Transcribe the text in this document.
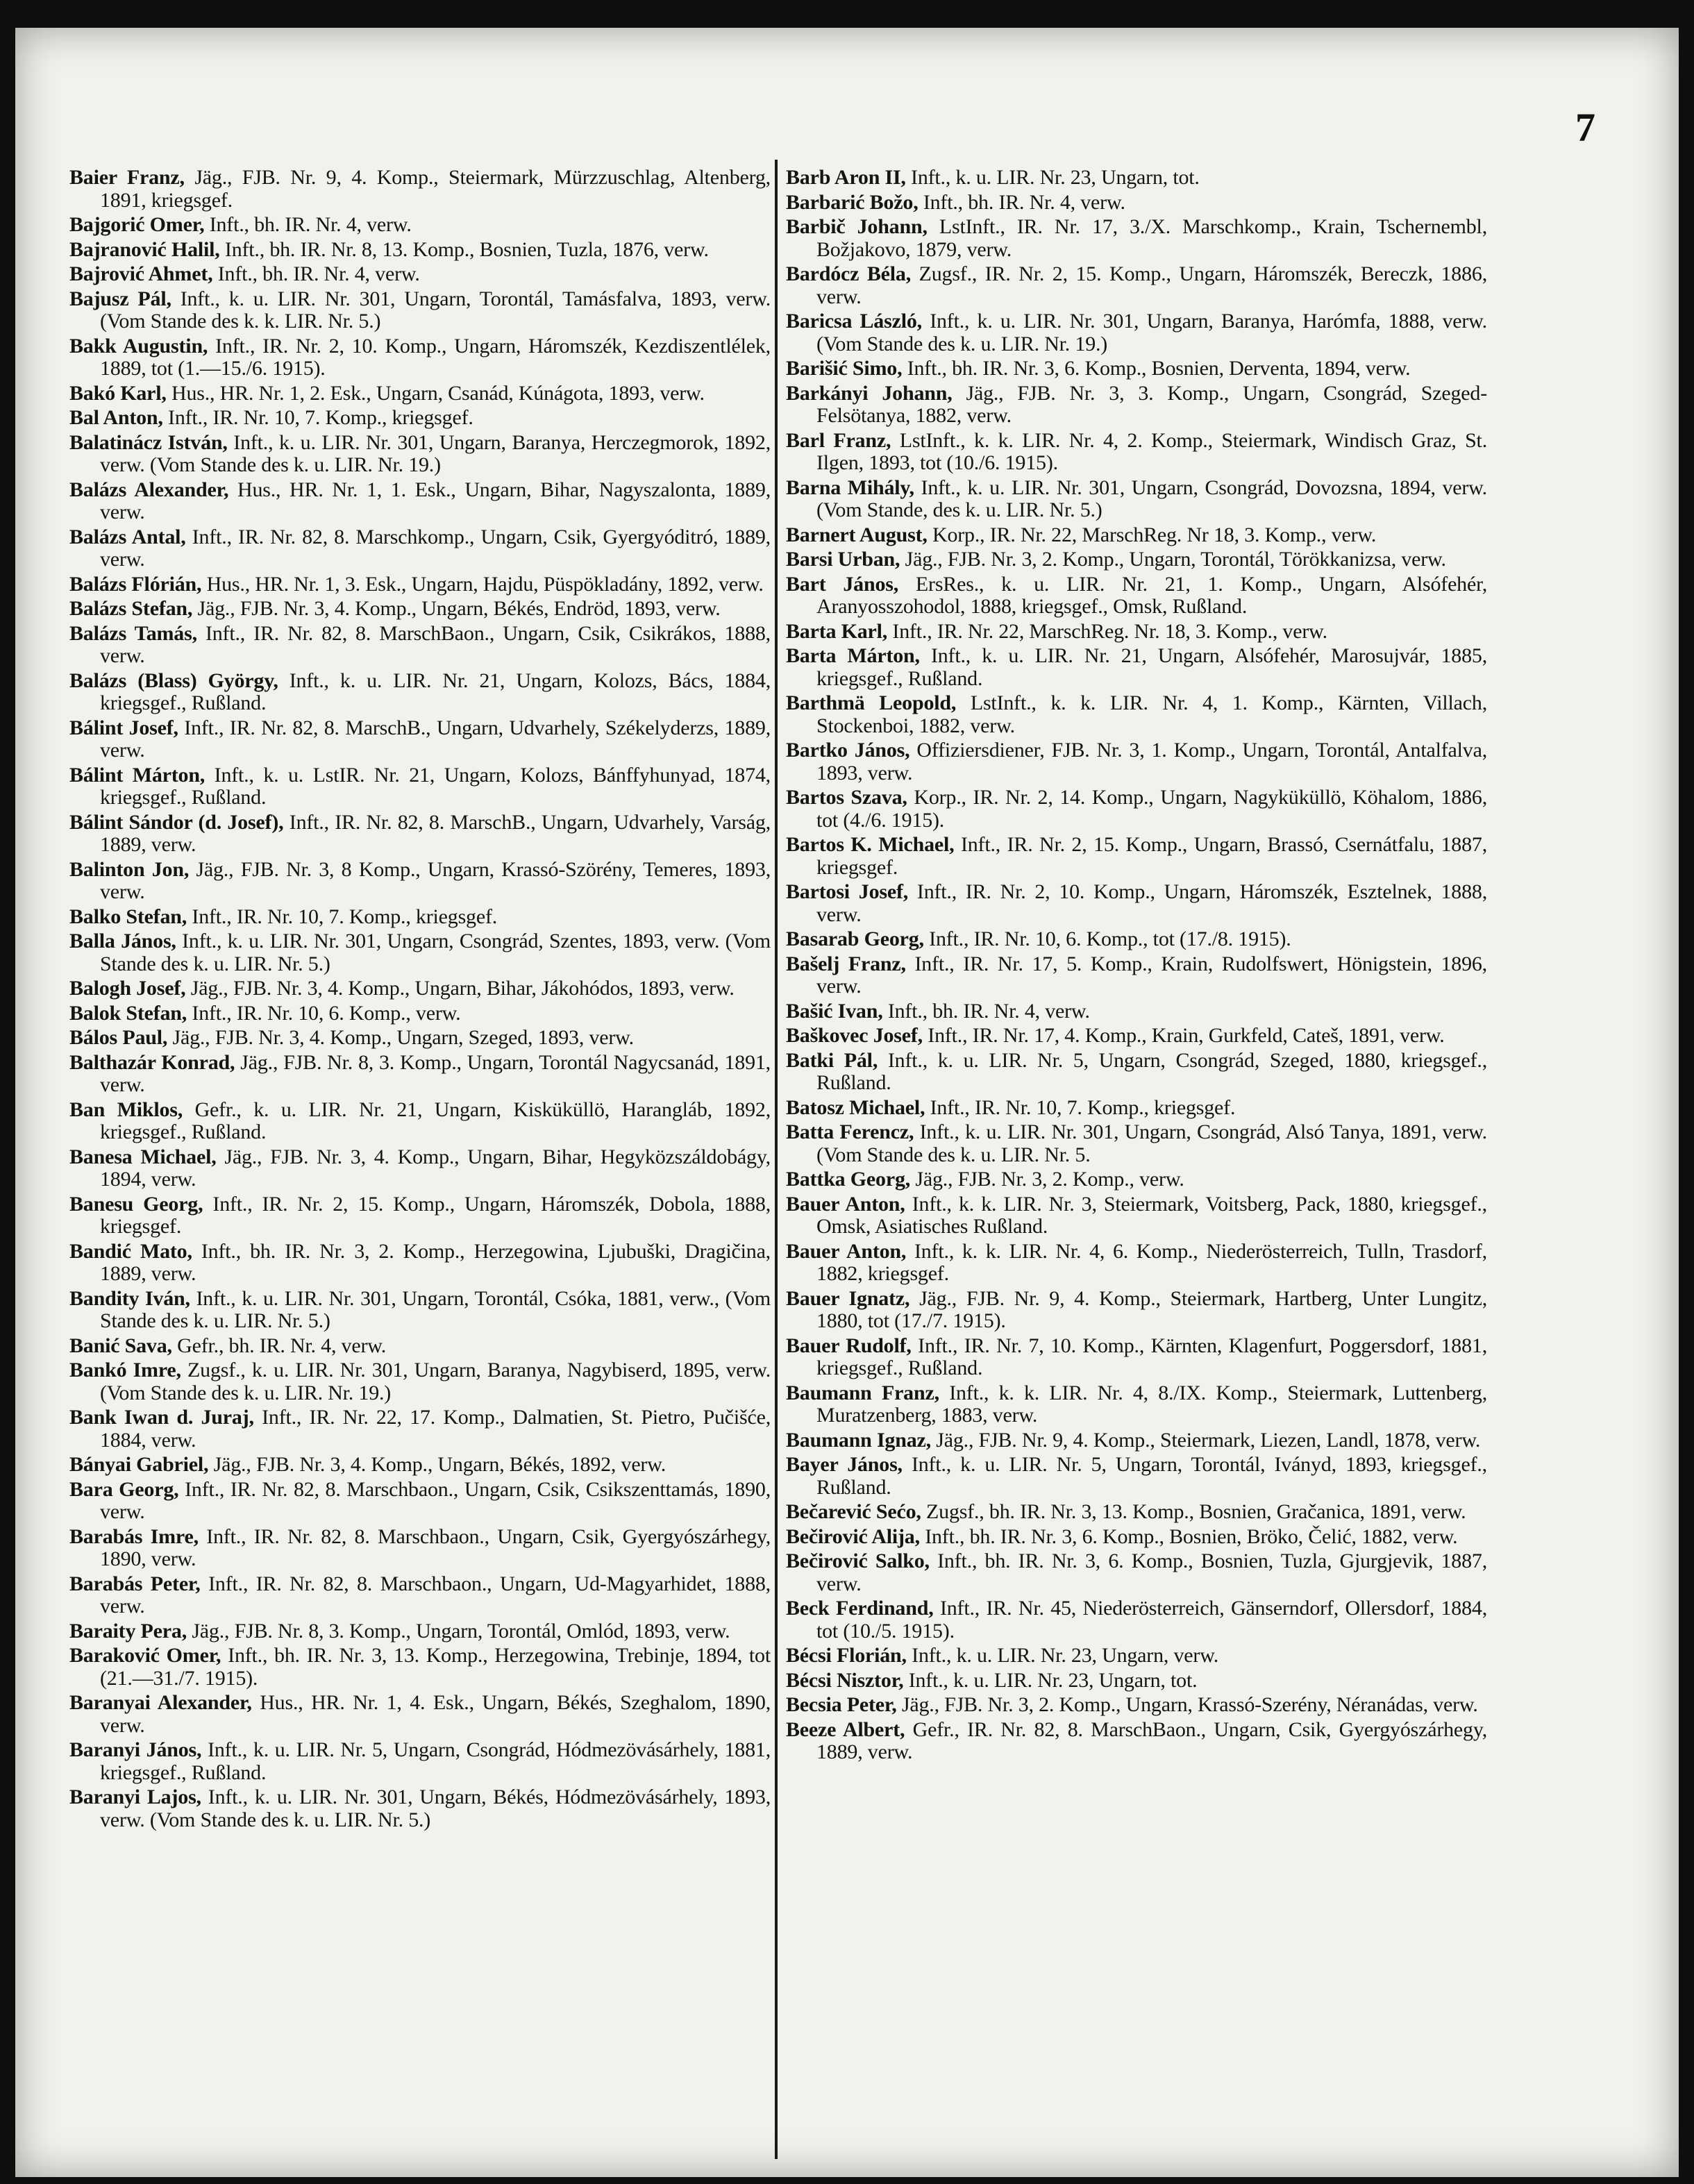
7

Baier Franz, Jäg., FJB. Nr. 9, 4. Komp., Steiermark, Mürzzuschlag, Altenberg, 1891, kriegsgef.

Bajgorić Omer, Inft., bh. IR. Nr. 4, verw.

Bajranović Halil, Inft., bh. IR. Nr. 8, 13. Komp., Bosnien, Tuzla, 1876, verw.

Bajrović Ahmet, Inft., bh. IR. Nr. 4, verw.

Bajusz Pál, Inft., k. u. LIR. Nr. 301, Ungarn, Torontál, Tamásfalva, 1893, verw. (Vom Stande des k. k. LIR. Nr. 5.)

Bakk Augustin, Inft., IR. Nr. 2, 10. Komp., Ungarn, Háromszék, Kezdiszentlélek, 1889, tot (1.—15./6. 1915).

Bakó Karl, Hus., HR. Nr. 1, 2. Esk., Ungarn, Csanád, Kúnágota, 1893, verw.

Bal Anton, Inft., IR. Nr. 10, 7. Komp., kriegsgef.

Balatinácz István, Inft., k. u. LIR. Nr. 301, Ungarn, Baranya, Herczegmorok, 1892, verw. (Vom Stande des k. u. LIR. Nr. 19.)

Balázs Alexander, Hus., HR. Nr. 1, 1. Esk., Ungarn, Bihar, Nagyszalonta, 1889, verw.

Balázs Antal, Inft., IR. Nr. 82, 8. Marschkomp., Ungarn, Csik, Gyergyóditró, 1889, verw.

Balázs Flórián, Hus., HR. Nr. 1, 3. Esk., Ungarn, Hajdu, Püspökladány, 1892, verw.

Balázs Stefan, Jäg., FJB. Nr. 3, 4. Komp., Ungarn, Békés, Endröd, 1893, verw.

Balázs Tamás, Inft., IR. Nr. 82, 8. MarschBaon., Ungarn, Csik, Csikrákos, 1888, verw.

Balázs (Blass) György, Inft., k. u. LIR. Nr. 21, Ungarn, Kolozs, Bács, 1884, kriegsgef., Rußland.

Bálint Josef, Inft., IR. Nr. 82, 8. MarschB., Ungarn, Udvarhely, Székelyderzs, 1889, verw.

Bálint Márton, Inft., k. u. LstIR. Nr. 21, Ungarn, Kolozs, Bánffyhunyad, 1874, kriegsgef., Rußland.

Bálint Sándor (d. Josef), Inft., IR. Nr. 82, 8. MarschB., Ungarn, Udvarhely, Varság, 1889, verw.

Balinton Jon, Jäg., FJB. Nr. 3, 8 Komp., Ungarn, Krassó-Szörény, Temeres, 1893, verw.

Balko Stefan, Inft., IR. Nr. 10, 7. Komp., kriegsgef.

Balla János, Inft., k. u. LIR. Nr. 301, Ungarn, Csongrád, Szentes, 1893, verw. (Vom Stande des k. u. LIR. Nr. 5.)

Balogh Josef, Jäg., FJB. Nr. 3, 4. Komp., Ungarn, Bihar, Jákohódos, 1893, verw.

Balok Stefan, Inft., IR. Nr. 10, 6. Komp., verw.

Bálos Paul, Jäg., FJB. Nr. 3, 4. Komp., Ungarn, Szeged, 1893, verw.

Balthazár Konrad, Jäg., FJB. Nr. 8, 3. Komp., Ungarn, Torontál Nagycsanád, 1891, verw.

Ban Miklos, Gefr., k. u. LIR. Nr. 21, Ungarn, Kisküküllö, Harangláb, 1892, kriegsgef., Rußland.

Banesa Michael, Jäg., FJB. Nr. 3, 4. Komp., Ungarn, Bihar, Hegyközszáldobágy, 1894, verw.

Banesu Georg, Inft., IR. Nr. 2, 15. Komp., Ungarn, Háromszék, Dobola, 1888, kriegsgef.

Bandić Mato, Inft., bh. IR. Nr. 3, 2. Komp., Herzegowina, Ljubuški, Dragičina, 1889, verw.

Bandity Iván, Inft., k. u. LIR. Nr. 301, Ungarn, Torontál, Csóka, 1881, verw., (Vom Stande des k. u. LIR. Nr. 5.)

Banić Sava, Gefr., bh. IR. Nr. 4, verw.

Bankó Imre, Zugsf., k. u. LIR. Nr. 301, Ungarn, Baranya, Nagybiserd, 1895, verw. (Vom Stande des k. u. LIR. Nr. 19.)

Bank Iwan d. Juraj, Inft., IR. Nr. 22, 17. Komp., Dalmatien, St. Pietro, Pučišće, 1884, verw.

Bányai Gabriel, Jäg., FJB. Nr. 3, 4. Komp., Ungarn, Békés, 1892, verw.

Bara Georg, Inft., IR. Nr. 82, 8. Marschbaon., Ungarn, Csik, Csikszenttamás, 1890, verw.

Barabás Imre, Inft., IR. Nr. 82, 8. Marschbaon., Ungarn, Csik, Gyergyószárhegy, 1890, verw.

Barabás Peter, Inft., IR. Nr. 82, 8. Marschbaon., Ungarn, Ud-Magyarhidet, 1888, verw.

Baraity Pera, Jäg., FJB. Nr. 8, 3. Komp., Ungarn, Torontál, Omlód, 1893, verw.

Baraković Omer, Inft., bh. IR. Nr. 3, 13. Komp., Herzegowina, Trebinje, 1894, tot (21.—31./7. 1915).

Baranyai Alexander, Hus., HR. Nr. 1, 4. Esk., Ungarn, Békés, Szeghalom, 1890, verw.

Baranyi János, Inft., k. u. LIR. Nr. 5, Ungarn, Csongrád, Hódmezövásárhely, 1881, kriegsgef., Rußland.

Baranyi Lajos, Inft., k. u. LIR. Nr. 301, Ungarn, Békés, Hódmezövásárhely, 1893, verw. (Vom Stande des k. u. LIR. Nr. 5.)

Barb Aron II, Inft., k. u. LIR. Nr. 23, Ungarn, tot.

Barbarić Božo, Inft., bh. IR. Nr. 4, verw.

Barbič Johann, LstInft., IR. Nr. 17, 3./X. Marschkomp., Krain, Tschernembl, Božjakovo, 1879, verw.

Bardócz Béla, Zugsf., IR. Nr. 2, 15. Komp., Ungarn, Háromszék, Bereczk, 1886, verw.

Baricsa László, Inft., k. u. LIR. Nr. 301, Ungarn, Baranya, Harómfa, 1888, verw. (Vom Stande des k. u. LIR. Nr. 19.)

Barišić Simo, Inft., bh. IR. Nr. 3, 6. Komp., Bosnien, Derventa, 1894, verw.

Barkányi Johann, Jäg., FJB. Nr. 3, 3. Komp., Ungarn, Csongrád, Szeged-Felsötanya, 1882, verw.

Barl Franz, LstInft., k. k. LIR. Nr. 4, 2. Komp., Steiermark, Windisch Graz, St. Ilgen, 1893, tot (10./6. 1915).

Barna Mihály, Inft., k. u. LIR. Nr. 301, Ungarn, Csongrád, Dovozsna, 1894, verw. (Vom Stande, des k. u. LIR. Nr. 5.)

Barnert August, Korp., IR. Nr. 22, MarschReg. Nr 18, 3. Komp., verw.

Barsi Urban, Jäg., FJB. Nr. 3, 2. Komp., Ungarn, Torontál, Törökkanizsa, verw.

Bart János, ErsRes., k. u. LIR. Nr. 21, 1. Komp., Ungarn, Alsófehér, Aranyosszohodol, 1888, kriegsgef., Omsk, Rußland.

Barta Karl, Inft., IR. Nr. 22, MarschReg. Nr. 18, 3. Komp., verw.

Barta Márton, Inft., k. u. LIR. Nr. 21, Ungarn, Alsófehér, Marosujvár, 1885, kriegsgef., Rußland.

Barthmä Leopold, LstInft., k. k. LIR. Nr. 4, 1. Komp., Kärnten, Villach, Stockenboi, 1882, verw.

Bartko János, Offiziersdiener, FJB. Nr. 3, 1. Komp., Ungarn, Torontál, Antalfalva, 1893, verw.

Bartos Szava, Korp., IR. Nr. 2, 14. Komp., Ungarn, Nagyküküllö, Köhalom, 1886, tot (4./6. 1915).

Bartos K. Michael, Inft., IR. Nr. 2, 15. Komp., Ungarn, Brassó, Csernátfalu, 1887, kriegsgef.

Bartosi Josef, Inft., IR. Nr. 2, 10. Komp., Ungarn, Háromszék, Esztelnek, 1888, verw.

Basarab Georg, Inft., IR. Nr. 10, 6. Komp., tot (17./8. 1915).

Bašelj Franz, Inft., IR. Nr. 17, 5. Komp., Krain, Rudolfswert, Hönigstein, 1896, verw.

Bašić Ivan, Inft., bh. IR. Nr. 4, verw.

Baškovec Josef, Inft., IR. Nr. 17, 4. Komp., Krain, Gurkfeld, Cateš, 1891, verw.

Batki Pál, Inft., k. u. LIR. Nr. 5, Ungarn, Csongrád, Szeged, 1880, kriegsgef., Rußland.

Batosz Michael, Inft., IR. Nr. 10, 7. Komp., kriegsgef.

Batta Ferencz, Inft., k. u. LIR. Nr. 301, Ungarn, Csongrád, Alsó Tanya, 1891, verw. (Vom Stande des k. u. LIR. Nr. 5.

Battka Georg, Jäg., FJB. Nr. 3, 2. Komp., verw.

Bauer Anton, Inft., k. k. LIR. Nr. 3, Steiermark, Voitsberg, Pack, 1880, kriegsgef., Omsk, Asiatisches Rußland.

Bauer Anton, Inft., k. k. LIR. Nr. 4, 6. Komp., Niederösterreich, Tulln, Trasdorf, 1882, kriegsgef.

Bauer Ignatz, Jäg., FJB. Nr. 9, 4. Komp., Steiermark, Hartberg, Unter Lungitz, 1880, tot (17./7. 1915).

Bauer Rudolf, Inft., IR. Nr. 7, 10. Komp., Kärnten, Klagenfurt, Poggersdorf, 1881, kriegsgef., Rußland.

Baumann Franz, Inft., k. k. LIR. Nr. 4, 8./IX. Komp., Steiermark, Luttenberg, Muratzenberg, 1883, verw.

Baumann Ignaz, Jäg., FJB. Nr. 9, 4. Komp., Steiermark, Liezen, Landl, 1878, verw.

Bayer János, Inft., k. u. LIR. Nr. 5, Ungarn, Torontál, Iványd, 1893, kriegsgef., Rußland.

Bečarević Sećo, Zugsf., bh. IR. Nr. 3, 13. Komp., Bosnien, Gračanica, 1891, verw.

Bečirović Alija, Inft., bh. IR. Nr. 3, 6. Komp., Bosnien, Bröko, Čelić, 1882, verw.

Bečirović Salko, Inft., bh. IR. Nr. 3, 6. Komp., Bosnien, Tuzla, Gjurgjevik, 1887, verw.

Beck Ferdinand, Inft., IR. Nr. 45, Niederösterreich, Gänserndorf, Ollersdorf, 1884, tot (10./5. 1915).

Bécsi Florián, Inft., k. u. LIR. Nr. 23, Ungarn, verw.

Bécsi Nisztor, Inft., k. u. LIR. Nr. 23, Ungarn, tot.

Becsia Peter, Jäg., FJB. Nr. 3, 2. Komp., Ungarn, Krassó-Szerény, Néranádas, verw.

Beeze Albert, Gefr., IR. Nr. 82, 8. MarschBaon., Ungarn, Csik, Gyergyószárhegy, 1889, verw.
